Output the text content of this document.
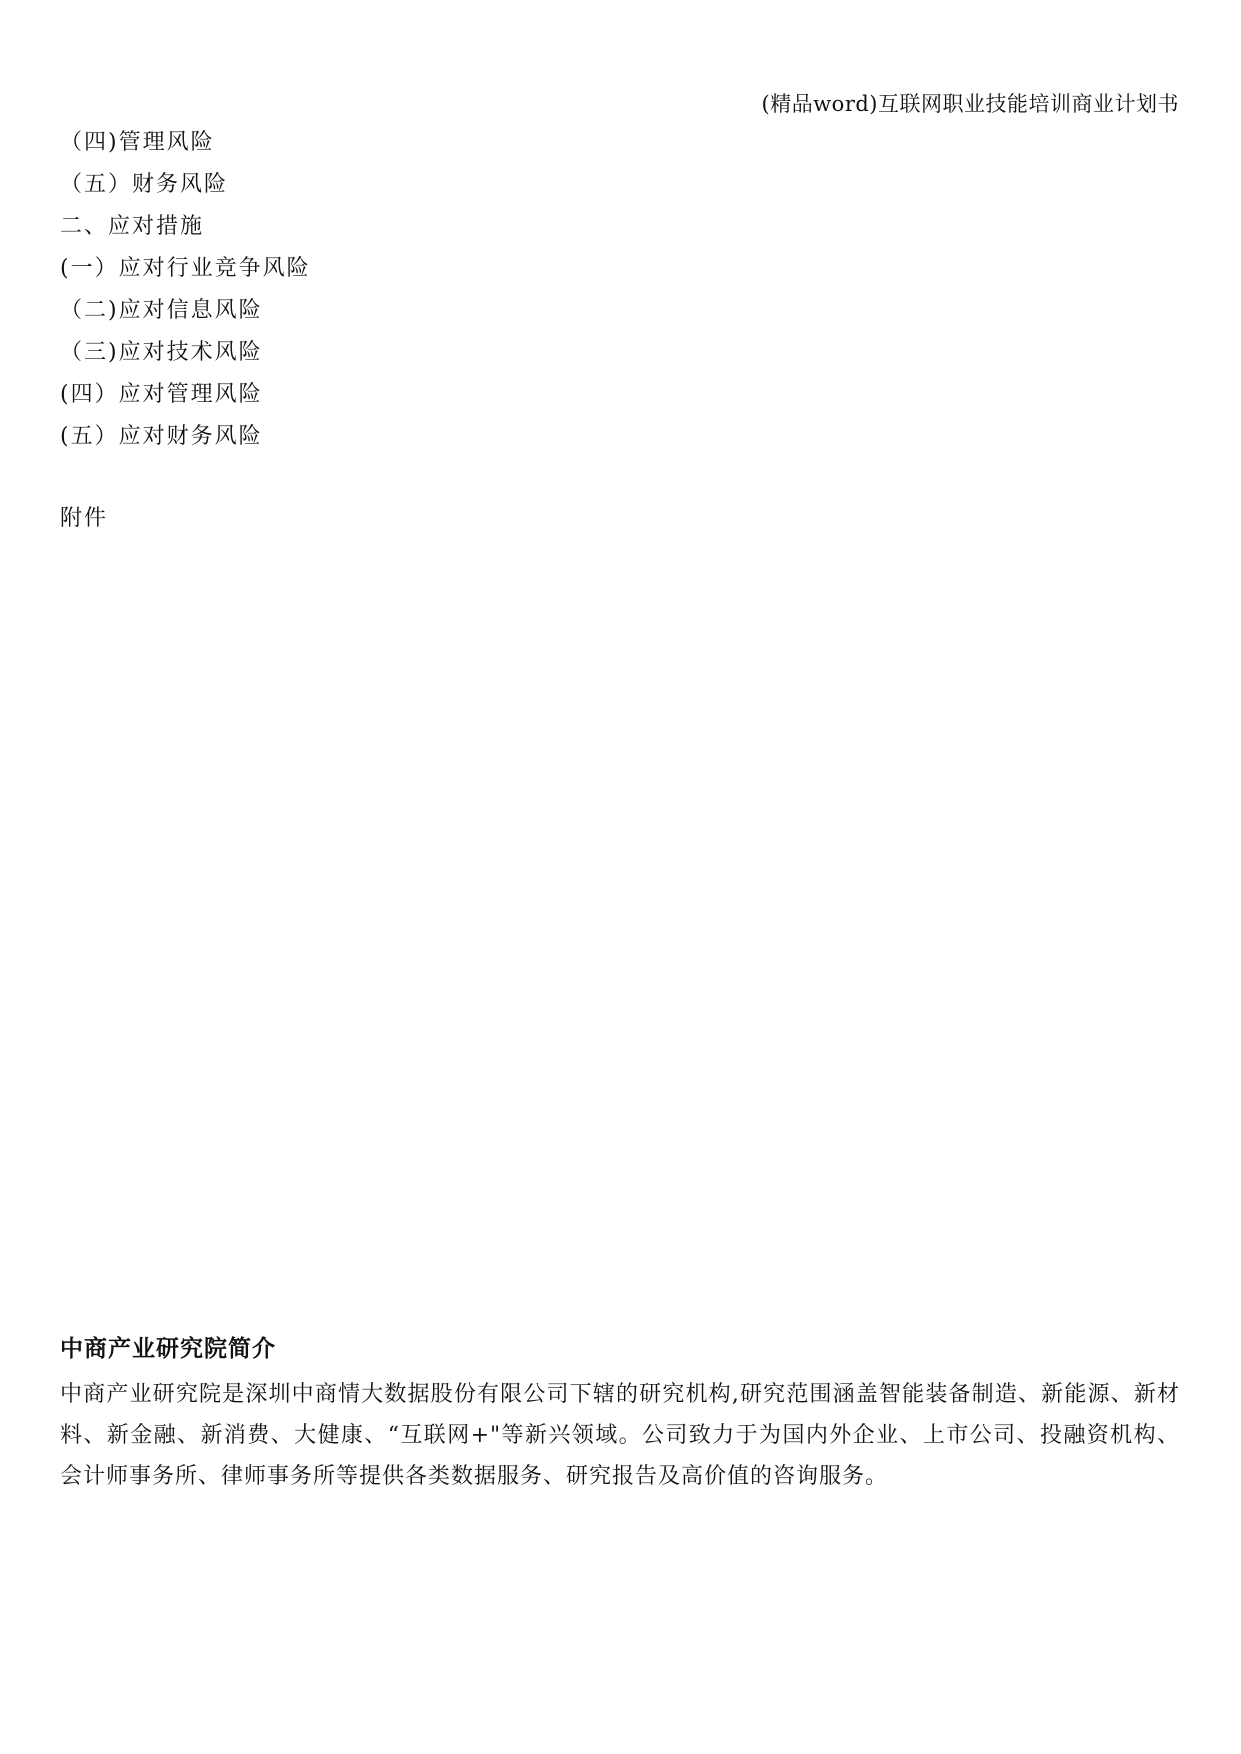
(精品word)互联网职业技能培训商业计划书
（四)管理风险
（五）财务风险
二、应对措施
(一）应对行业竞争风险
（二)应对信息风险
（三)应对技术风险
(四）应对管理风险
(五）应对财务风险
附件
中商产业研究院简介

中商产业研究院是深圳中商情大数据股份有限公司下辖的研究机构,研究范围涵盖智能装备制造、新能源、新材料、新金融、新消费、大健康、“互联网+"等新兴领域。公司致力于为国内外企业、上市公司、投融资机构、会计师事务所、律师事务所等提供各类数据服务、研究报告及高价值的咨询服务。
